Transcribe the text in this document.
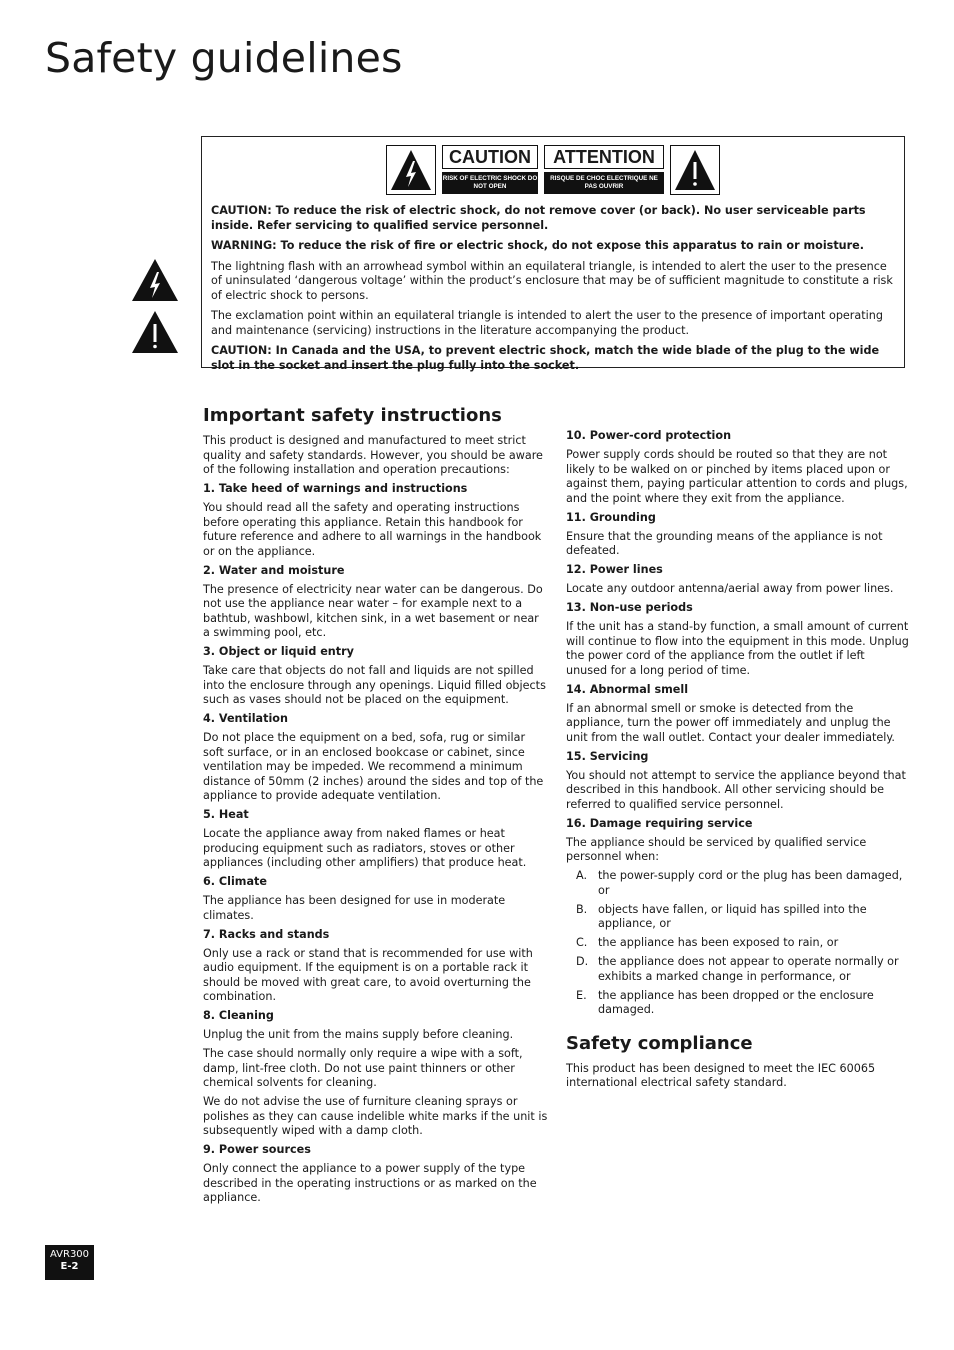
Safety guidelines
CAUTION
RISK OF ELECTRIC SHOCK DO NOT OPEN
ATTENTION
RISQUE DE CHOC ELECTRIQUE NE PAS OUVRIR

CAUTION: To reduce the risk of electric shock, do not remove cover (or back). No user serviceable parts inside. Refer servicing to qualified service personnel.

WARNING: To reduce the risk of fire or electric shock, do not expose this apparatus to rain or moisture.

The lightning flash with an arrowhead symbol within an equilateral triangle, is intended to alert the user to the presence of uninsulated ‘dangerous voltage’ within the product’s enclosure that may be of sufficient magnitude to constitute a risk of electric shock to persons.

The exclamation point within an equilateral triangle is intended to alert the user to the presence of important operating and maintenance (servicing) instructions in the literature accompanying the product.

CAUTION: In Canada and the USA, to prevent electric shock, match the wide blade of the plug to the wide slot in the socket and insert the plug fully into the socket.

Important safety instructions

This product is designed and manufactured to meet strict quality and safety standards. However, you should be aware of the following installation and operation precautions:

1. Take heed of warnings and instructions

You should read all the safety and operating instructions before operating this appliance. Retain this handbook for future reference and adhere to all warnings in the handbook or on the appliance.

2. Water and moisture

The presence of electricity near water can be dangerous. Do not use the appliance near water – for example next to a bathtub, washbowl, kitchen sink, in a wet basement or near a swimming pool, etc.

3. Object or liquid entry

Take care that objects do not fall and liquids are not spilled into the enclosure through any openings. Liquid filled objects such as vases should not be placed on the equipment.

4. Ventilation

Do not place the equipment on a bed, sofa, rug or similar soft surface, or in an enclosed bookcase or cabinet, since ventilation may be impeded. We recommend a minimum distance of 50mm (2 inches) around the sides and top of the appliance to provide adequate ventilation.

5. Heat

Locate the appliance away from naked flames or heat producing equipment such as radiators, stoves or other appliances (including other amplifiers) that produce heat.

6. Climate

The appliance has been designed for use in moderate climates.

7. Racks and stands

Only use a rack or stand that is recommended for use with audio equipment. If the equipment is on a portable rack it should be moved with great care, to avoid overturning the combination.

8. Cleaning

Unplug the unit from the mains supply before cleaning.

The case should normally only require a wipe with a soft, damp, lint-free cloth. Do not use paint thinners or other chemical solvents for cleaning.

We do not advise the use of furniture cleaning sprays or polishes as they can cause indelible white marks if the unit is subsequently wiped with a damp cloth.

9. Power sources

Only connect the appliance to a power supply of the type described in the operating instructions or as marked on the appliance.

10. Power-cord protection

Power supply cords should be routed so that they are not likely to be walked on or pinched by items placed upon or against them, paying particular attention to cords and plugs, and the point where they exit from the appliance.

11. Grounding

Ensure that the grounding means of the appliance is not defeated.

12. Power lines

Locate any outdoor antenna/aerial away from power lines.

13. Non-use periods

If the unit has a stand-by function, a small amount of current will continue to flow into the equipment in this mode. Unplug the power cord of the appliance from the outlet if left unused for a long period of time.

14. Abnormal smell

If an abnormal smell or smoke is detected from the appliance, turn the power off immediately and unplug the unit from the wall outlet. Contact your dealer immediately.

15. Servicing

You should not attempt to service the appliance beyond that described in this handbook. All other servicing should be referred to qualified service personnel.

16. Damage requiring service

The appliance should be serviced by qualified service personnel when:

A. the power-supply cord or the plug has been damaged, or
B. objects have fallen, or liquid has spilled into the appliance, or
C. the appliance has been exposed to rain, or
D. the appliance does not appear to operate normally or exhibits a marked change in performance, or
E.	the appliance has been dropped or the enclosure damaged.
Safety compliance

This product has been designed to meet the IEC 60065 international electrical safety standard.

AVR300
E-2
